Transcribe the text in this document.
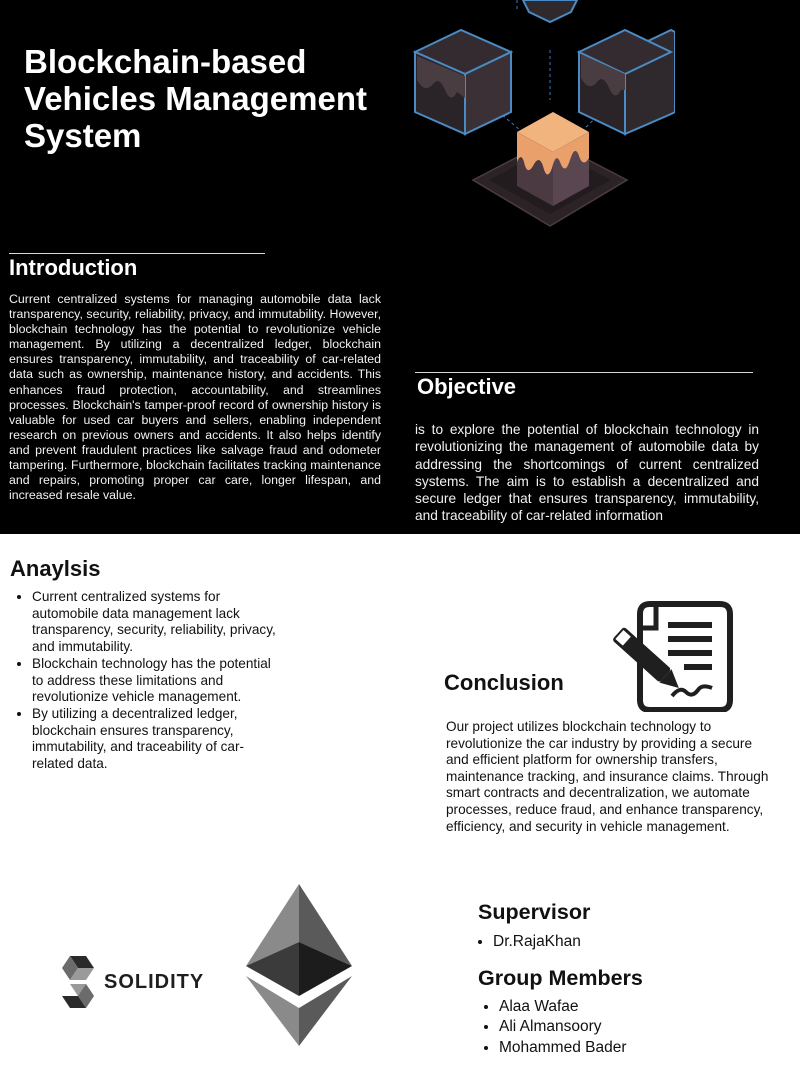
Blockchain-based
Vehicles Management
System
Introduction

Current centralized systems for managing automobile data lack transparency, security, reliability, privacy, and immutability. However, blockchain technology has the potential to revolutionize vehicle management. By utilizing a decentralized ledger, blockchain ensures transparency, immutability, and traceability of car-related data such as ownership, maintenance history, and accidents. This enhances fraud protection, accountability, and streamlines processes. Blockchain's tamper-proof record of ownership history is valuable for used car buyers and sellers, enabling independent research on previous owners and accidents. It also helps identify and prevent fraudulent practices like salvage fraud and odometer tampering. Furthermore, blockchain facilitates tracking maintenance and repairs, promoting proper car care, longer lifespan, and increased resale value.

Objective

is to explore the potential of blockchain technology in revolutionizing the management of automobile data by addressing the shortcomings of current centralized systems. The aim is to establish a decentralized and secure ledger that ensures transparency, immutability, and traceability of car-related information

Anaylsis
• Current centralized systems for automobile data management lack transparency, security, reliability, privacy, and immutability.
• Blockchain technology has the potential to address these limitations and revolutionize vehicle management.
• By utilizing a decentralized ledger, blockchain ensures transparency, immutability, and traceability of car-related data.
Conclusion

Our project utilizes blockchain technology to revolutionize the car industry by providing a secure and efficient platform for ownership transfers, maintenance tracking, and insurance claims. Through smart contracts and decentralization, we automate processes, reduce fraud, and enhance transparency, efficiency, and security in vehicle management.

SOLIDITY

Supervisor
• Dr.RajaKhan
Group Members
• Alaa Wafae
• Ali Almansoory
• Mohammed Bader
